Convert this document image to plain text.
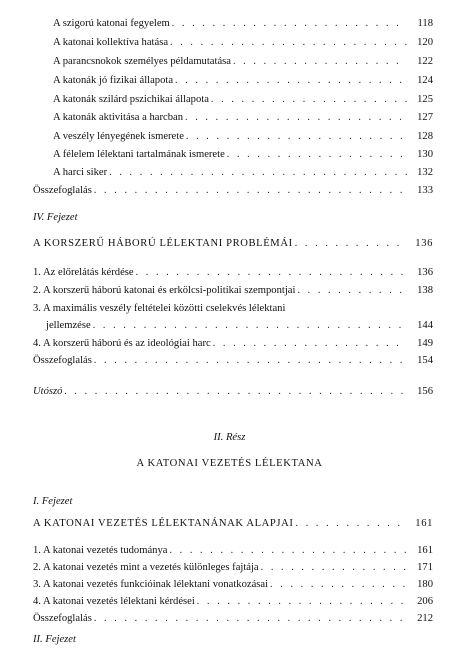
A szigorú katonai fegyelem . . .	118
A katonai kollektíva hatása . . .	120
A parancsnokok személyes példamutatása . . .	122
A katonák jó fizikai állapota . . .	124
A katonák szilárd pszichikai állapota . . .	125
A katonák aktivitása a harcban . . .	127
A veszély lényegének ismerete . . .	128
A félelem lélektani tartalmának ismerete . . .	130
A harci siker . . .	132
Összefoglalás . . .	133
IV. Fejezet
A KORSZERŰ HÁBORÚ LÉLEKTANI PROBLÉMÁI . . .	136
1. Az előrelátás kérdése . . .	136
2. A korszerű háború katonai és erkölcsi-politikai szempontjai . . .	138
3. A maximális veszély feltételei közötti cselekvés lélektani
jellemzése . . .	144
4. A korszerű háború és az ideológiai harc . . .	149
Összefoglalás . . .	154
Utószó . . .	156
II. Rész
A KATONAI VEZETÉS LÉLEKTANA
I. Fejezet
A KATONAI VEZETÉS LÉLEKTANÁNAK ALAPJAI . . .	161
1. A katonai vezetés tudománya . . .	161
2. A katonai vezetés mint a vezetés különleges fajtája . . .	171
3. A katonai vezetés funkcióinak lélektani vonatkozásai . . .	180
4. A katonai vezetés lélektani kérdései . . .	206
Összefoglalás . . .	212
II. Fejezet
